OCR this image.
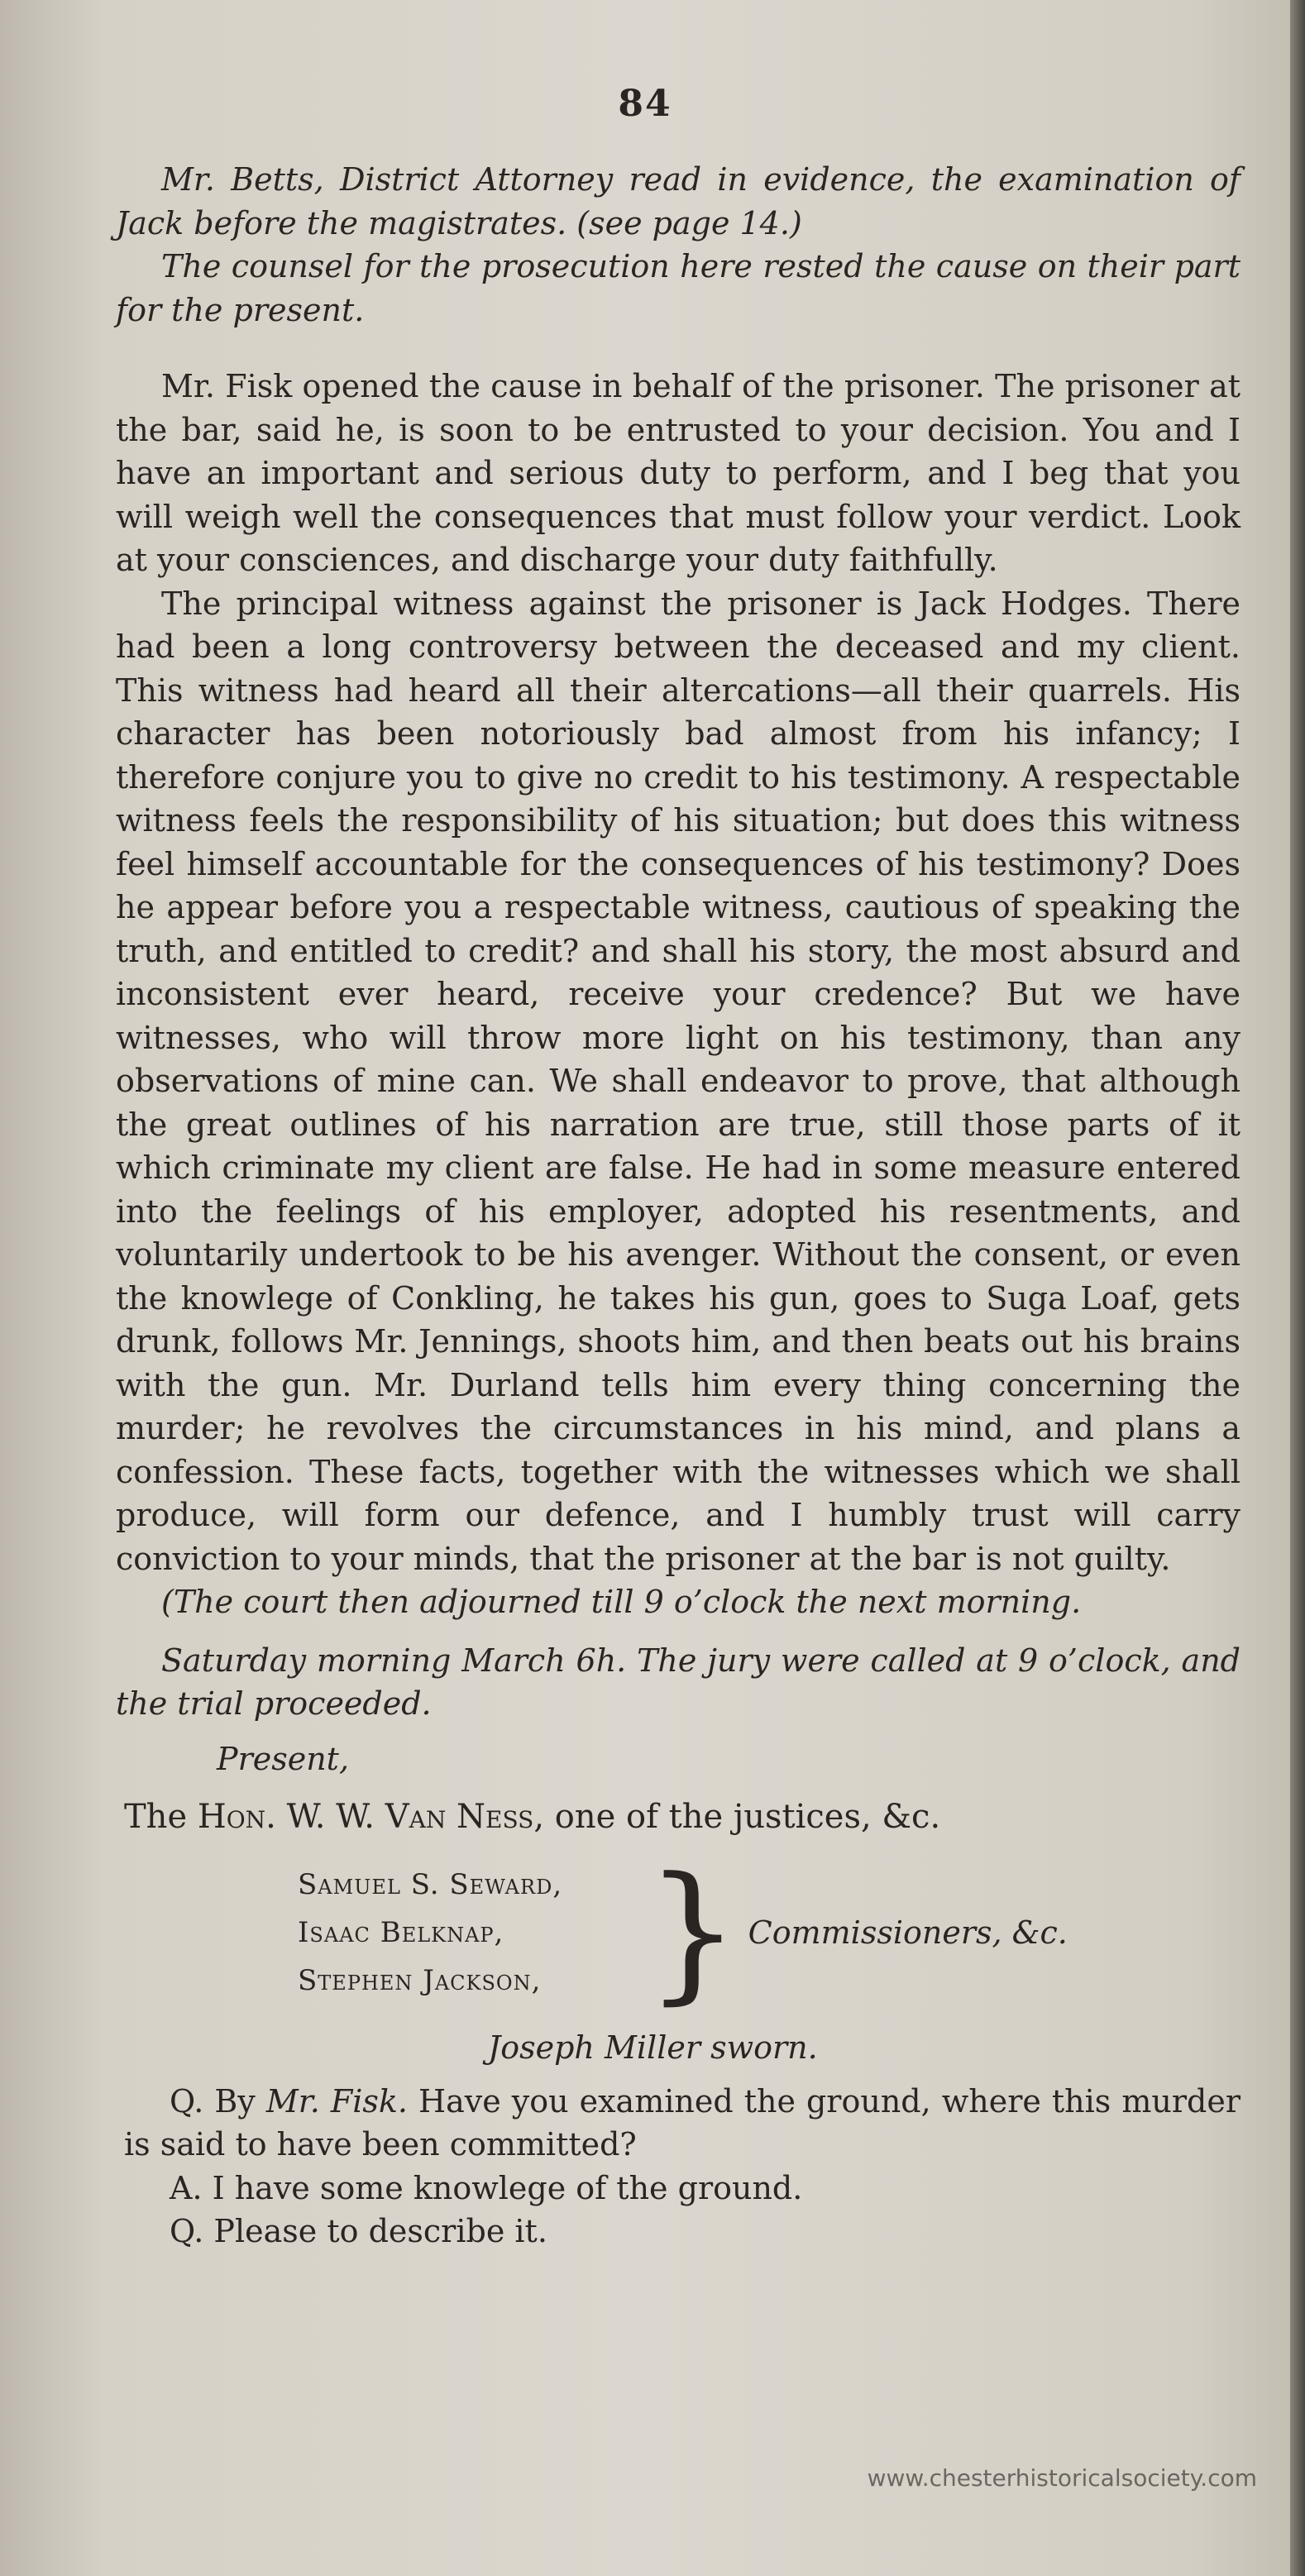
84

Mr. Betts, District Attorney read in evidence, the examination of Jack before the magistrates. (see page 14.)

The counsel for the prosecution here rested the cause on their part for the present.

Mr. Fisk opened the cause in behalf of the prisoner. The prisoner at the bar, said he, is soon to be entrusted to your decision. You and I have an important and serious duty to perform, and I beg that you will weigh well the consequences that must follow your verdict. Look at your consciences, and discharge your duty faithfully.

The principal witness against the prisoner is Jack Hodges. There had been a long controversy between the deceased and my client. This witness had heard all their altercations—all their quarrels. His character has been notoriously bad almost from his infancy; I therefore conjure you to give no credit to his testimony. A respectable witness feels the responsibility of his situation; but does this witness feel himself accountable for the consequences of his testimony? Does he appear before you a respectable witness, cautious of speaking the truth, and entitled to credit? and shall his story, the most absurd and inconsistent ever heard, receive your credence? But we have witnesses, who will throw more light on his testimony, than any observations of mine can. We shall endeavor to prove, that although the great outlines of his narration are true, still those parts of it which criminate my client are false. He had in some measure entered into the feelings of his employer, adopted his resentments, and voluntarily undertook to be his avenger. Without the consent, or even the knowlege of Conkling, he takes his gun, goes to Suga Loaf, gets drunk, follows Mr. Jennings, shoots him, and then beats out his brains with the gun. Mr. Durland tells him every thing concerning the murder; he revolves the circumstances in his mind, and plans a confession. These facts, together with the witnesses which we shall produce, will form our defence, and I humbly trust will carry conviction to your minds, that the prisoner at the bar is not guilty.

(The court then adjourned till 9 o’clock the next morning.

Saturday morning March 6h. The jury were called at 9 o’clock, and the trial proceeded.

Present,
The Hon. W. W. Van Ness, one of the justices, &c.
Samuel S. Seward,
Isaac Belknap,
Stephen Jackson, } Commissioners, &c.
Joseph Miller sworn.

Q. By Mr. Fisk. Have you examined the ground, where this murder is said to have been committed?

A. I have some knowlege of the ground.

Q. Please to describe it.

www.chesterhistoricalsociety.com
